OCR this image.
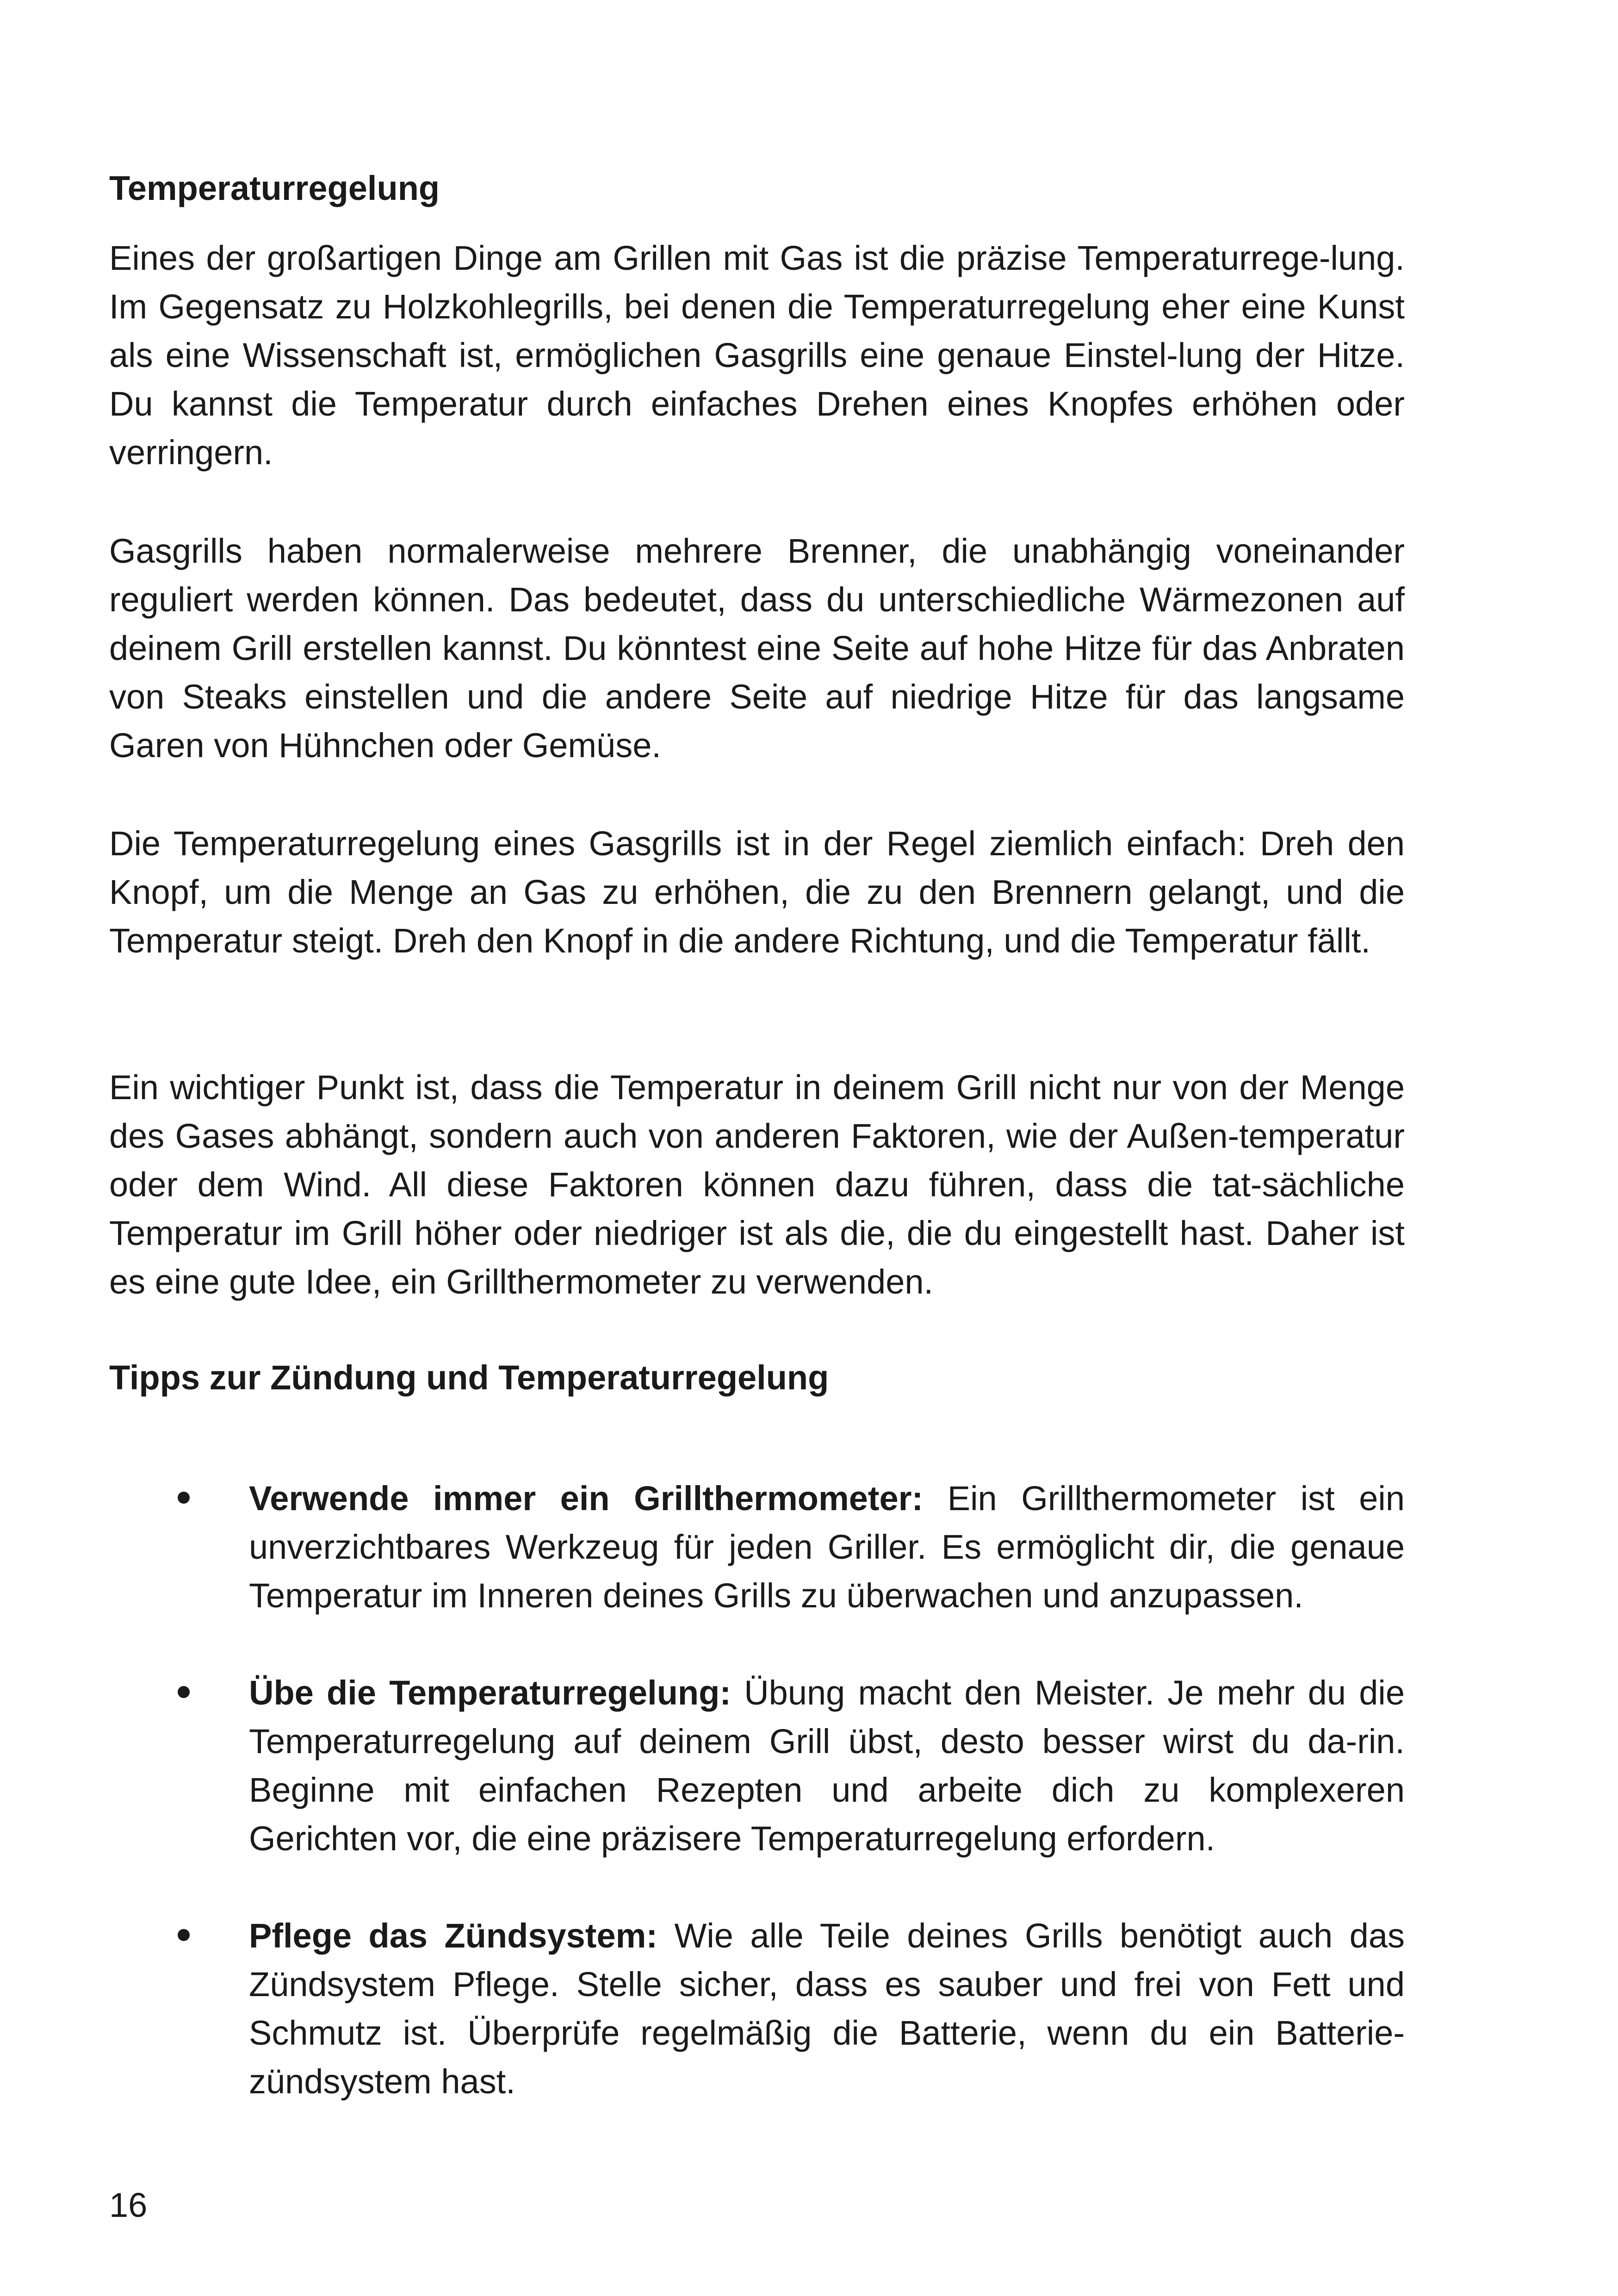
Temperaturregelung

Eines der großartigen Dinge am Grillen mit Gas ist die präzise Temperaturrege-lung. Im Gegensatz zu Holzkohlegrills, bei denen die Temperaturregelung eher eine Kunst als eine Wissenschaft ist, ermöglichen Gasgrills eine genaue Einstel-lung der Hitze. Du kannst die Temperatur durch einfaches Drehen eines Knopfes erhöhen oder verringern.

Gasgrills haben normalerweise mehrere Brenner, die unabhängig voneinander reguliert werden können. Das bedeutet, dass du unterschiedliche Wärmezonen auf deinem Grill erstellen kannst. Du könntest eine Seite auf hohe Hitze für das Anbraten von Steaks einstellen und die andere Seite auf niedrige Hitze für das langsame Garen von Hühnchen oder Gemüse.

Die Temperaturregelung eines Gasgrills ist in der Regel ziemlich einfach: Dreh den Knopf, um die Menge an Gas zu erhöhen, die zu den Brennern gelangt, und die Temperatur steigt. Dreh den Knopf in die andere Richtung, und die Temperatur fällt.

Ein wichtiger Punkt ist, dass die Temperatur in deinem Grill nicht nur von der Menge des Gases abhängt, sondern auch von anderen Faktoren, wie der Außen-temperatur oder dem Wind. All diese Faktoren können dazu führen, dass die tat-sächliche Temperatur im Grill höher oder niedriger ist als die, die du eingestellt hast. Daher ist es eine gute Idee, ein Grillthermometer zu verwenden.

Tipps zur Zündung und Temperaturregelung

Verwende immer ein Grillthermometer: Ein Grillthermometer ist ein unverzichtbares Werkzeug für jeden Griller. Es ermöglicht dir, die genaue Temperatur im Inneren deines Grills zu überwachen und anzupassen.

Übe die Temperaturregelung: Übung macht den Meister. Je mehr du die Temperaturregelung auf deinem Grill übst, desto besser wirst du da-rin. Beginne mit einfachen Rezepten und arbeite dich zu komplexeren Gerichten vor, die eine präzisere Temperaturregelung erfordern.

Pflege das Zündsystem: Wie alle Teile deines Grills benötigt auch das Zündsystem Pflege. Stelle sicher, dass es sauber und frei von Fett und Schmutz ist. Überprüfe regelmäßig die Batterie, wenn du ein Batterie-zündsystem hast.

16
